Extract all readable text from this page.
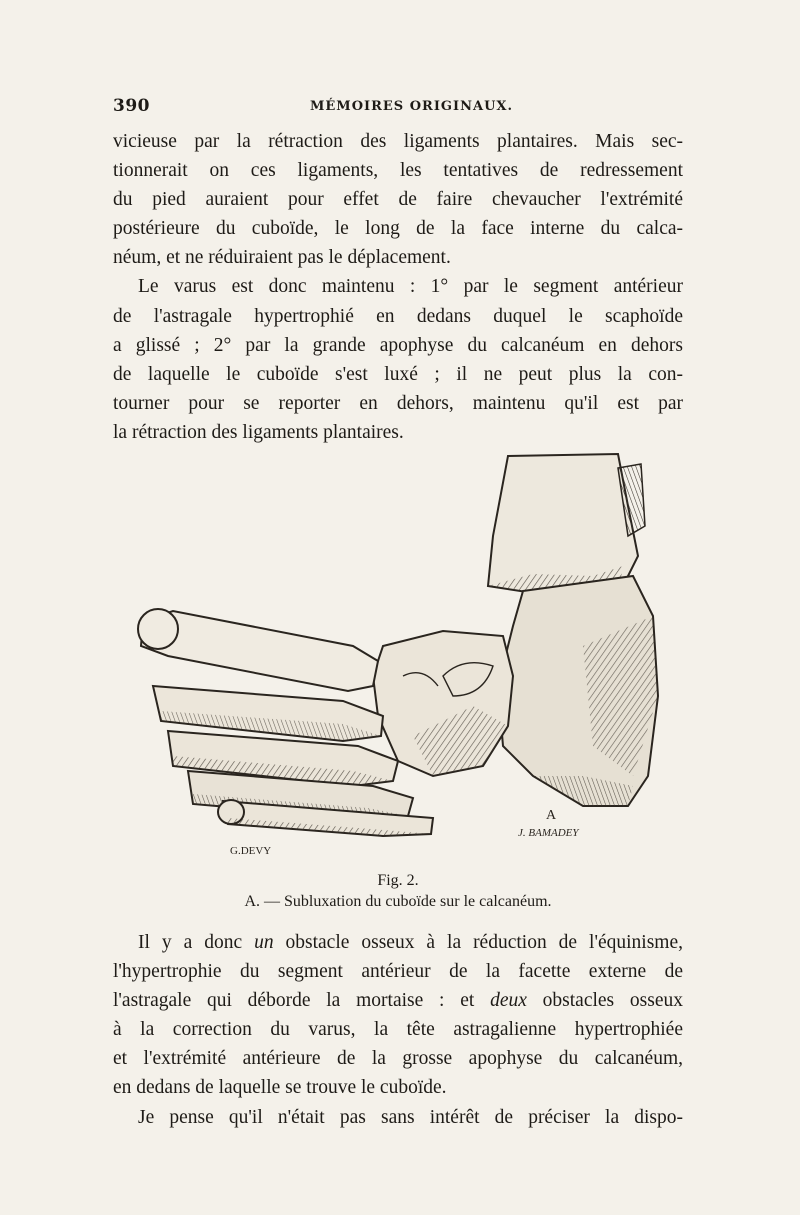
390	MÉMOIRES ORIGINAUX.
vicieuse par la rétraction des ligaments plantaires. Mais sec-
tionnerait on ces ligaments, les tentatives de redressement
du pied auraient pour effet de faire chevaucher l'extrémité
postérieure du cuboïde, le long de la face interne du calca-
néum, et ne réduiraient pas le déplacement.
Le varus est donc maintenu : 1° par le segment antérieur
de l'astragale hypertrophié en dedans duquel le scaphoïde
a glissé ; 2° par la grande apophyse du calcanéum en dehors
de laquelle le cuboïde s'est luxé ; il ne peut plus la con-
tourner pour se reporter en dehors, maintenu qu'il est par
la rétraction des ligaments plantaires.
A
J. BAMADEY
G.DEVY
Fig. 2.
A. — Subluxation du cuboïde sur le calcanéum.
Il y a donc un obstacle osseux à la réduction de l'équinisme,
l'hypertrophie du segment antérieur de la facette externe de
l'astragale qui déborde la mortaise : et deux obstacles osseux
à la correction du varus, la tête astragalienne hypertrophiée
et l'extrémité antérieure de la grosse apophyse du calcanéum,
en dedans de laquelle se trouve le cuboïde.
Je pense qu'il n'était pas sans intérêt de préciser la dispo-
